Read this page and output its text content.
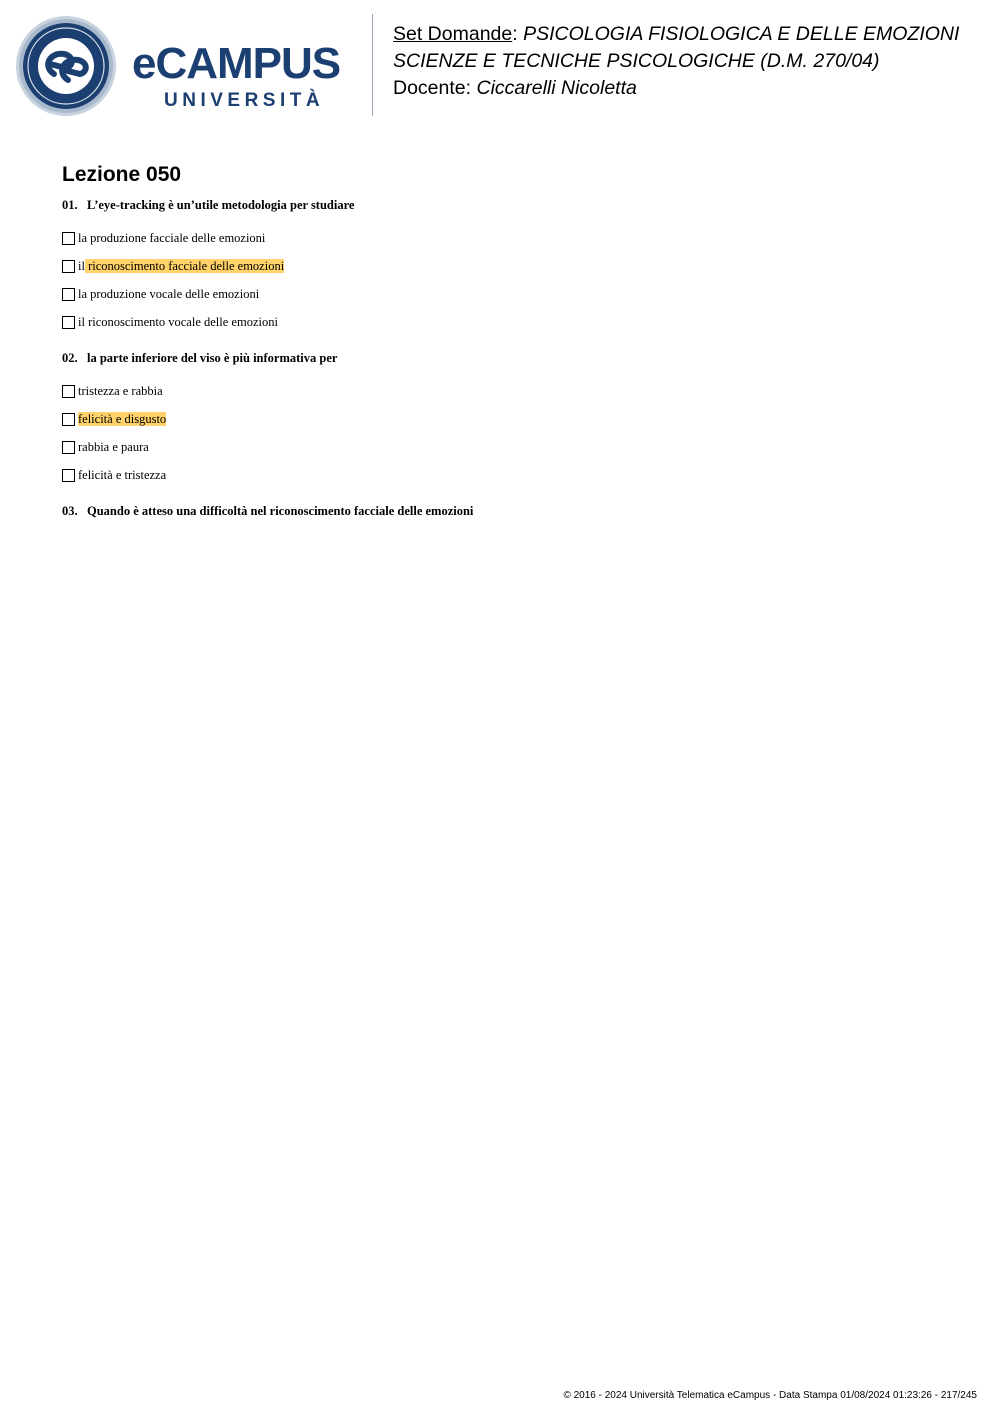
eCAMPUS
UNIVERSITÀ
Set Domande: PSICOLOGIA FISIOLOGICA E DELLE EMOZIONI
SCIENZE E TECNICHE PSICOLOGICHE (D.M. 270/04)
Docente: Ciccarelli Nicoletta
Lezione 050
01. L’eye-tracking è un’utile metodologia per studiare
la produzione facciale delle emozioni
il riconoscimento facciale delle emozioni
la produzione vocale delle emozioni
il riconoscimento vocale delle emozioni
02. la parte inferiore del viso è più informativa per
tristezza e rabbia
felicità e disgusto
rabbia e paura
felicità e tristezza
03. Quando è atteso una difficoltà nel riconoscimento facciale delle emozioni
© 2016 - 2024 Università Telematica eCampus - Data Stampa 01/08/2024 01:23:26 - 217/245
